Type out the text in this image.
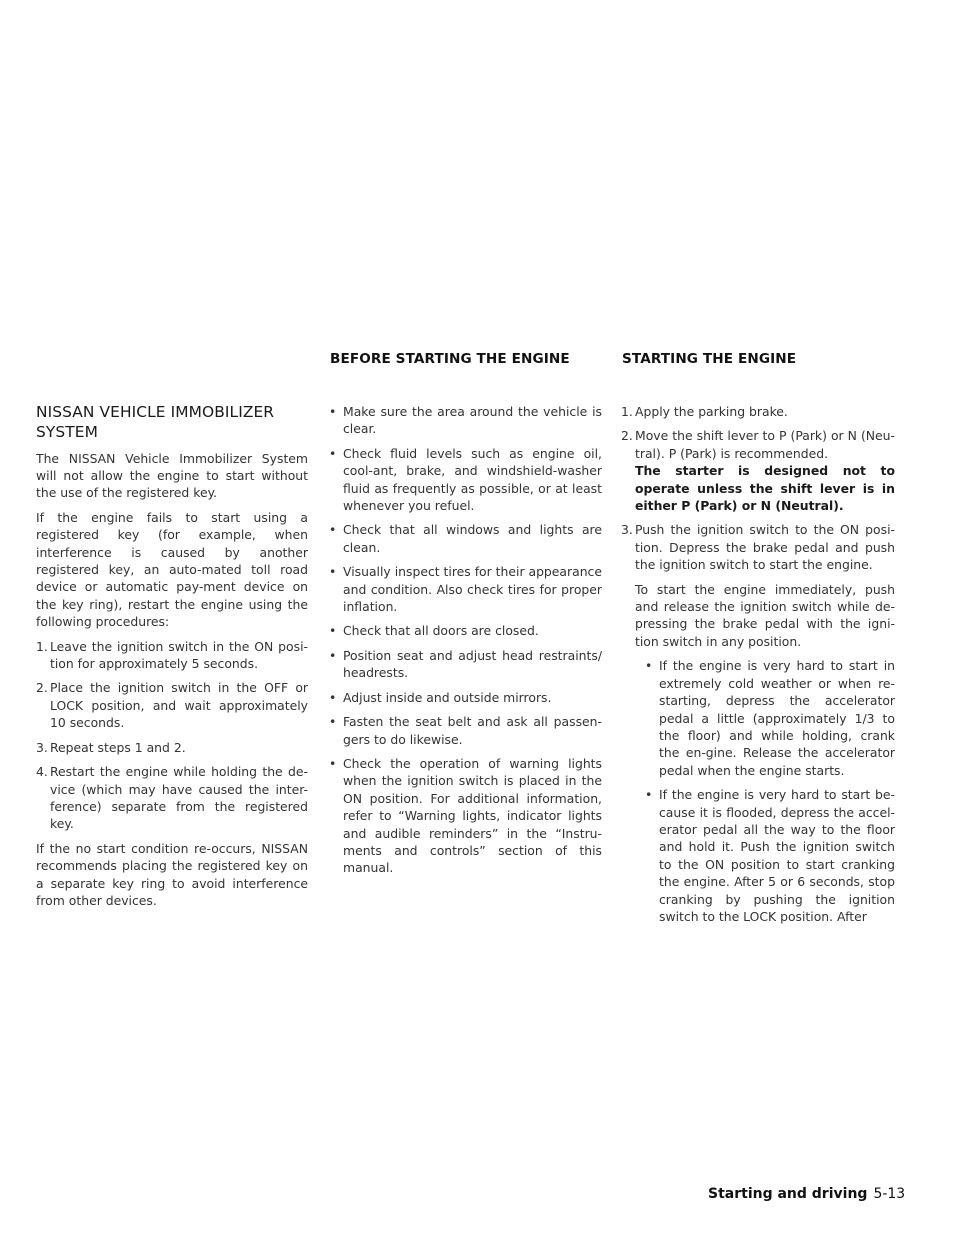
BEFORE STARTING THE ENGINE	STARTING THE ENGINE
NISSAN VEHICLE IMMOBILIZER
SYSTEM

The NISSAN Vehicle Immobilizer System will not allow the engine to start without the use of the registered key.

If the engine fails to start using a registered key (for example, when interference is caused by another registered key, an auto-mated toll road device or automatic pay-ment device on the key ring), restart the engine using the following procedures:

1. Leave the ignition switch in the ON posi-tion for approximately 5 seconds.
2. Place the ignition switch in the OFF or LOCK position, and wait approximately 10 seconds.
3. Repeat steps 1 and 2.
4. Restart the engine while holding the de-vice (which may have caused the inter-ference) separate from the registered key.

If the no start condition re-occurs, NISSAN recommends placing the registered key on a separate key ring to avoid interference from other devices.

• Make sure the area around the vehicle is clear.
• Check fluid levels such as engine oil, cool-ant, brake, and windshield-washer fluid as frequently as possible, or at least whenever you refuel.
• Check that all windows and lights are clean.
• Visually inspect tires for their appearance and condition. Also check tires for proper inflation.
• Check that all doors are closed.
• Position seat and adjust head restraints/ headrests.
• Adjust inside and outside mirrors.
• Fasten the seat belt and ask all passen-gers to do likewise.
• Check the operation of warning lights when the ignition switch is placed in the ON position. For additional information, refer to “Warning lights, indicator lights and audible reminders” in the “Instru-ments and controls” section of this manual.
1. Apply the parking brake.
2. Move the shift lever to P (Park) or N (Neu-tral). P (Park) is recommended.
The starter is designed not to operate unless the shift lever is in either P (Park) or N (Neutral).
3. Push the ignition switch to the ON posi-tion. Depress the brake pedal and push the ignition switch to start the engine.
To start the engine immediately, push and release the ignition switch while de-pressing the brake pedal with the igni-tion switch in any position.
• If the engine is very hard to start in extremely cold weather or when re-starting, depress the accelerator pedal a little (approximately 1/3 to the floor) and while holding, crank the en-gine. Release the accelerator pedal when the engine starts.
• If the engine is very hard to start be-cause it is flooded, depress the accel-erator pedal all the way to the floor and hold it. Push the ignition switch to the ON position to start cranking the engine. After 5 or 6 seconds, stop cranking by pushing the ignition switch to the LOCK position. After
Starting and driving 5-13
